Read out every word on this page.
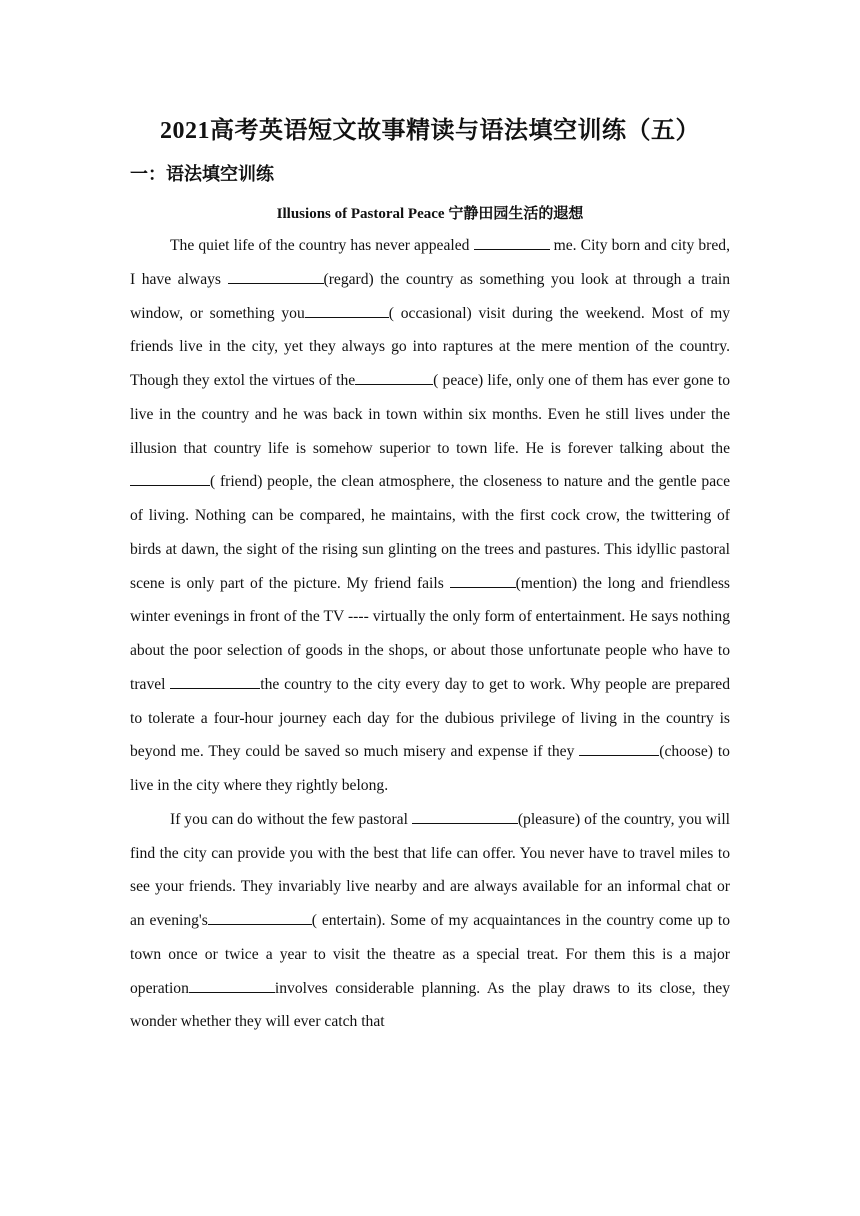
2021高考英语短文故事精读与语法填空训练（五）
一：语法填空训练
Illusions of Pastoral Peace 宁静田园生活的遐想

The quiet life of the country has never appealed	me. City born and city bred, I have always	(regard) the country as something you look at through a train window, or something you	( occasional) visit during the weekend. Most of my friends live in the city, yet they always go into raptures at the mere mention of the country. Though they extol the virtues of the	( peace) life, only one of them has ever gone to live in the country and he was back in town within six months. Even he still lives under the illusion that country life is somehow superior to town life. He is forever talking about the( friend) people, the clean atmosphere, the closeness to nature and the gentle pace of living. Nothing can be compared, he maintains, with the first cock crow, the twittering of birds at dawn, the sight of the rising sun glinting on the trees and pastures. This idyllic pastoral scene is only part of the picture. My friend fails	(mention) the long and friendless winter evenings in front of the TV ---- virtually the only form of entertainment. He says nothing about the poor selection of goods in the shops, or about those unfortunate people who have to travel	the country to the city every day to get to work. Why people are prepared to tolerate a four-hour journey each day for the dubious privilege of living in the country is beyond me. They could be saved so much misery and expense if they	(choose) to live in the city where they rightly belong.

If you can do without the few pastoral	(pleasure) of the country, you will find the city can provide you with the best that life can offer. You never have to travel miles to see your friends. They invariably live nearby and are always available for an informal chat or an evening's	( entertain). Some of my acquaintances in the country come up to town once or twice a year to visit the theatre as a special treat. For them this is a major operation	involves considerable planning. As the play draws to its close, they wonder whether they will ever catch that
